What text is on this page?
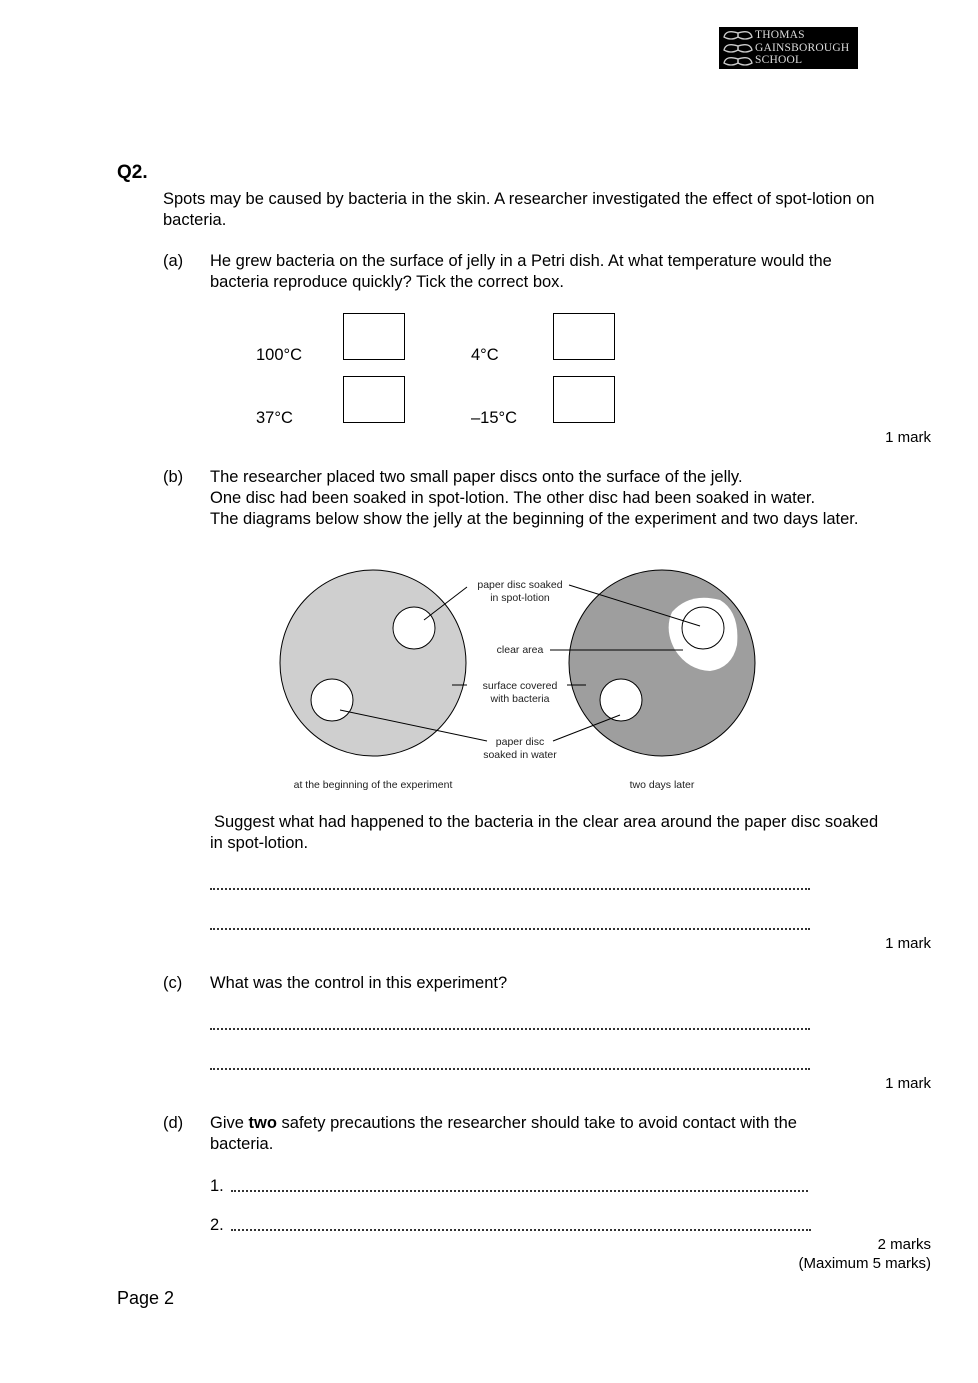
THOMAS
GAINSBOROUGH
SCHOOL
Q2.
Spots may be caused by bacteria in the skin. A researcher investigated the effect of spot-lotion on bacteria.
(a) He grew bacteria on the surface of jelly in a Petri dish. At what temperature would the bacteria reproduce quickly? Tick the correct box.
100°C	4°C
37°C	–15°C
1 mark
(b) The researcher placed two small paper discs onto the surface of the jelly.
One disc had been soaked in spot-lotion. The other disc had been soaked in water.
The diagrams below show the jelly at the beginning of the experiment and two days later.
paper disc soaked
in spot-lotion
clear area
surface covered
with bacteria
paper disc
soaked in water
at the beginning of the experiment	two days later
Suggest what had happened to the bacteria in the clear area around the paper disc soaked in spot-lotion.
1 mark
(c) What was the control in this experiment?
1 mark
(d) Give two safety precautions the researcher should take to avoid contact with the bacteria.
1.
2.
2 marks
(Maximum 5 marks)
Page 2
